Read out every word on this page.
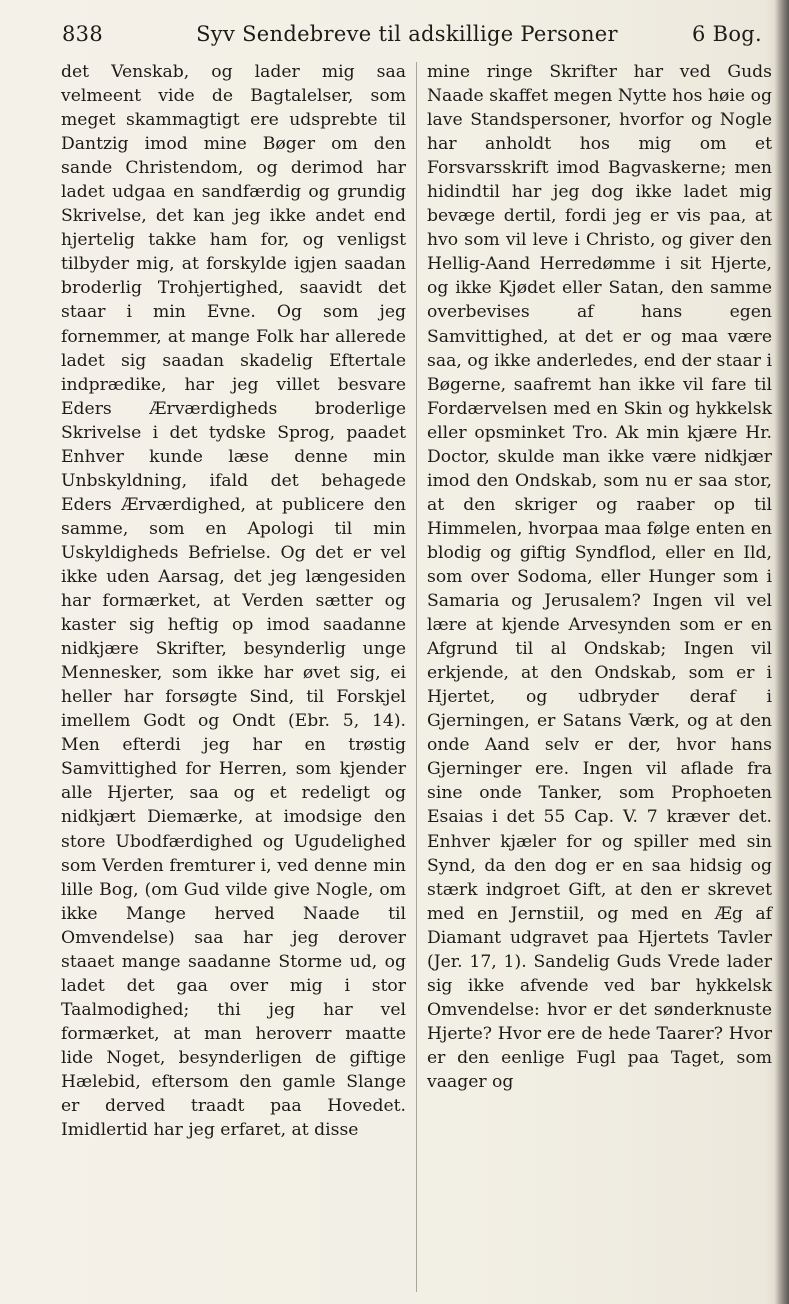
838	Syv Sendebreve til adskillige Personer	6 Bog.

det Venskab, og lader mig saa velmeent vide de Bagtalelser, som meget skammagtigt ere udsprebte til Dantzig imod mine Bøger om den sande Christendom, og derimod har ladet udgaa en sandfærdig og grundig Skrivelse, det kan jeg ikke andet end hjertelig takke ham for, og venligst tilbyder mig, at forskylde igjen saadan broderlig Trohjertighed, saavidt det staar i min Evne. Og som jeg fornemmer, at mange Folk har allerede ladet sig saadan skadelig Eftertale indprædike, har jeg villet besvare Eders Ærværdigheds broderlige Skrivelse i det tydske Sprog, paadet Enhver kunde læse denne min Unbskyldning, ifald det behagede Eders Ærværdighed, at publicere den samme, som en Apologi til min Uskyldigheds Befrielse. Og det er vel ikke uden Aarsag, det jeg længesiden har formærket, at Verden sætter og kaster sig heftig op imod saadanne nidkjære Skrifter, besynderlig unge Mennesker, som ikke har øvet sig, ei heller har forsøgte Sind, til Forskjel imellem Godt og Ondt (Ebr. 5, 14). Men efterdi jeg har en trøstig Samvittighed for Herren, som kjender alle Hjerter, saa og et redeligt og nidkjært Diemærke, at imodsige den store Ubodfærdighed og Ugudelighed som Verden fremturer i, ved denne min lille Bog, (om Gud vilde give Nogle, om ikke Mange herved Naade til Omvendelse) saa har jeg derover staaet mange saadanne Storme ud, og ladet det gaa over mig i stor Taalmodighed; thi jeg har vel formærket, at man heroverr maatte lide Noget, besynderligen de giftige Hælebid, eftersom den gamle Slange er derved traadt paa Hovedet. Imidlertid har jeg erfaret, at disse

mine ringe Skrifter har ved Guds Naade skaffet megen Nytte hos høie og lave Standspersoner, hvorfor og Nogle har anholdt hos mig om et Forsvarsskrift imod Bagvaskerne; men hidindtil har jeg dog ikke ladet mig bevæge dertil, fordi jeg er vis paa, at hvo som vil leve i Christo, og giver den Hellig-Aand Herredømme i sit Hjerte, og ikke Kjødet eller Satan, den samme overbevises af hans egen Samvittighed, at det er og maa være saa, og ikke anderledes, end der staar i Bøgerne, saafremt han ikke vil fare til Fordærvelsen med en Skin og hykkelsk eller opsminket Tro. Ak min kjære Hr. Doctor, skulde man ikke være nidkjær imod den Ondskab, som nu er saa stor, at den skriger og raaber op til Himmelen, hvorpaa maa følge enten en blodig og giftig Syndflod, eller en Ild, som over Sodoma, eller Hunger som i Samaria og Jerusalem? Ingen vil vel lære at kjende Arvesynden som er en Afgrund til al Ondskab; Ingen vil erkjende, at den Ondskab, som er i Hjertet, og udbryder deraf i Gjerningen, er Satans Værk, og at den onde Aand selv er der, hvor hans Gjerninger ere. Ingen vil aflade fra sine onde Tanker, som Prophoeten Esaias i det 55 Cap. V. 7 kræver det. Enhver kjæler for og spiller med sin Synd, da den dog er en saa hidsig og stærk indgroet Gift, at den er skrevet med en Jernstiil, og med en Æg af Diamant udgravet paa Hjertets Tavler (Jer. 17, 1). Sandelig Guds Vrede lader sig ikke afvende ved bar hykkelsk Omvendelse: hvor er det sønderknuste Hjerte? Hvor ere de hede Taarer? Hvor er den eenlige Fugl paa Taget, som vaager og
